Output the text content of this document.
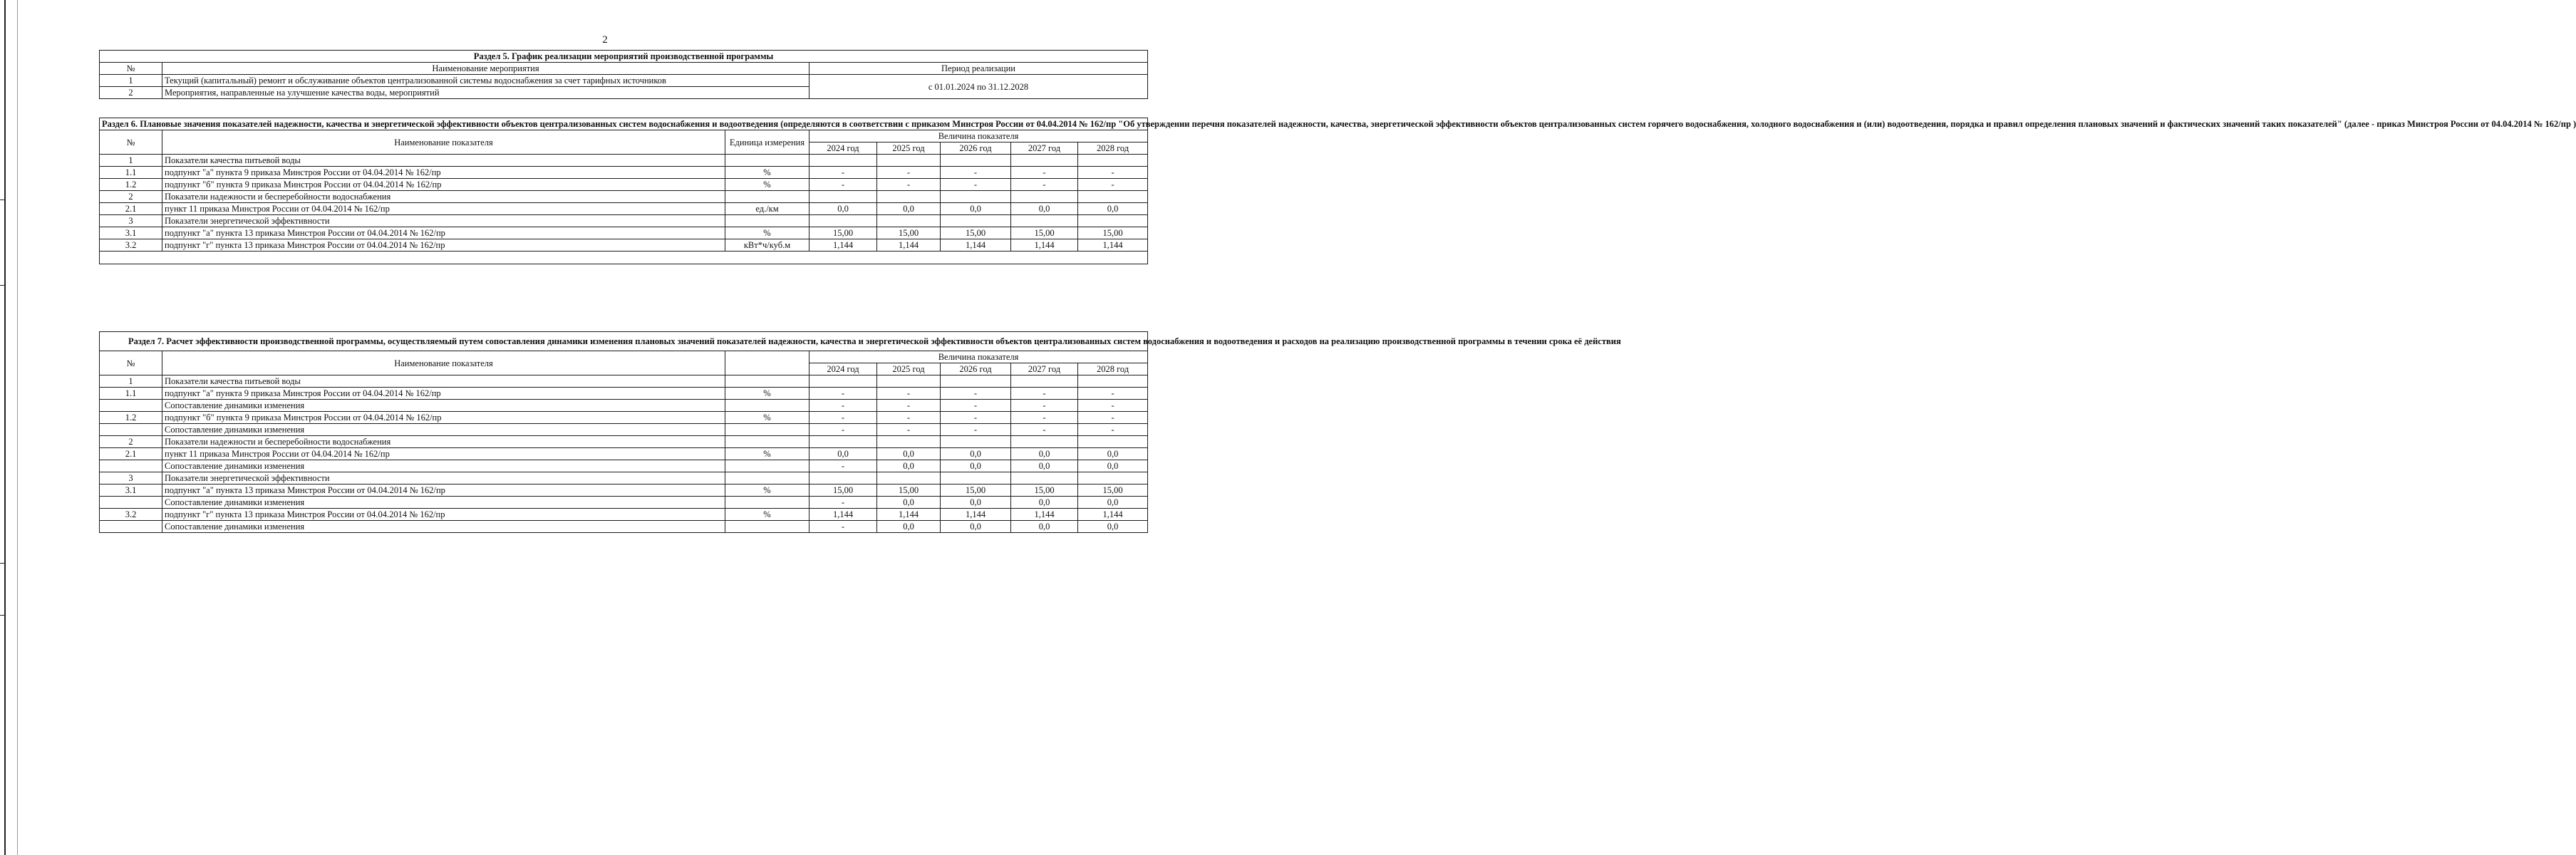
2
Раздел 5. График реализации мероприятий производственной программы		
№	Наименование мероприятия	Период реализации
1	Текущий (капитальный) ремонт и обслуживание объектов централизованной системы водоснабжения за счет тарифных источников	с 01.01.2024 по 31.12.2028
2	Мероприятия, направленные на улучшение качества воды, мероприятий	
Раздел 6. Плановые значения показателей надежности, качества и энергетической эффективности объектов централизованных систем водоснабжения и водоотведения (определяются в соответствии с приказом Минстроя России от 04.04.2014 № 162/пр "Об утверждении перечня показателей надежности, качества, энергетической эффективности объектов централизованных систем горячего водоснабжения, холодного водоснабжения и (или) водоотведения, порядка и правил определения плановых значений и фактических значений таких показателей" (далее - приказ Минстроя России от 04.04.2014 № 162/пр )							
№	Наименование показателя	Единица измерения	Величина показателя				
			2024 год	2025 год	2026 год	2027 год	2028 год
1	Показатели качества питьевой воды						
1.1	подпункт "а" пункта 9 приказа Минстроя России от 04.04.2014 № 162/пр	%	-	-	-	-	-
1.2	подпункт "б" пункта 9 приказа Минстроя России от 04.04.2014 № 162/пр	%	-	-	-	-	-
2	Показатели надежности и бесперебойности водоснабжения						
2.1	пункт 11 приказа Минстроя России от 04.04.2014 № 162/пр	ед./км	0,0	0,0	0,0	0,0	0,0
3	Показатели энергетической эффективности						
3.1	подпункт "а" пункта 13 приказа Минстроя России от 04.04.2014 № 162/пр	%	15,00	15,00	15,00	15,00	15,00
3.2	подпункт "г" пункта 13 приказа Минстроя России от 04.04.2014 № 162/пр	кВт*ч/куб.м	1,144	1,144	1,144	1,144	1,144

Раздел 7. Расчет эффективности производственной программы, осуществляемый путем сопоставления динамики изменения плановых значений показателей надежности, качества и энергетической эффективности объектов централизованных систем водоснабжения и водоотведения и расходов на реализацию производственной программы в течении срока её действия							
№	Наименование показателя		Величина показателя				
			2024 год	2025 год	2026 год	2027 год	2028 год
1	Показатели качества питьевой воды						
1.1	подпункт "а" пункта 9 приказа Минстроя России от 04.04.2014 № 162/пр	%	-	-	-	-	-
	Сопоставление динамики изменения		-	-	-	-	-
1.2	подпункт "б" пункта 9 приказа Минстроя России от 04.04.2014 № 162/пр	%	-	-	-	-	-
	Сопоставление динамики изменения		-	-	-	-	-
2	Показатели надежности и бесперебойности водоснабжения						
2.1	пункт 11 приказа Минстроя России от 04.04.2014 № 162/пр	%	0,0	0,0	0,0	0,0	0,0
	Сопоставление динамики изменения		-	0,0	0,0	0,0	0,0
3	Показатели энергетической эффективности						
3.1	подпункт "а" пункта 13 приказа Минстроя России от 04.04.2014 № 162/пр	%	15,00	15,00	15,00	15,00	15,00
	Сопоставление динамики изменения		-	0,0	0,0	0,0	0,0
3.2	подпункт "г" пункта 13 приказа Минстроя России от 04.04.2014 № 162/пр	%	1,144	1,144	1,144	1,144	1,144
	Сопоставление динамики изменения		-	0,0	0,0	0,0	0,0
